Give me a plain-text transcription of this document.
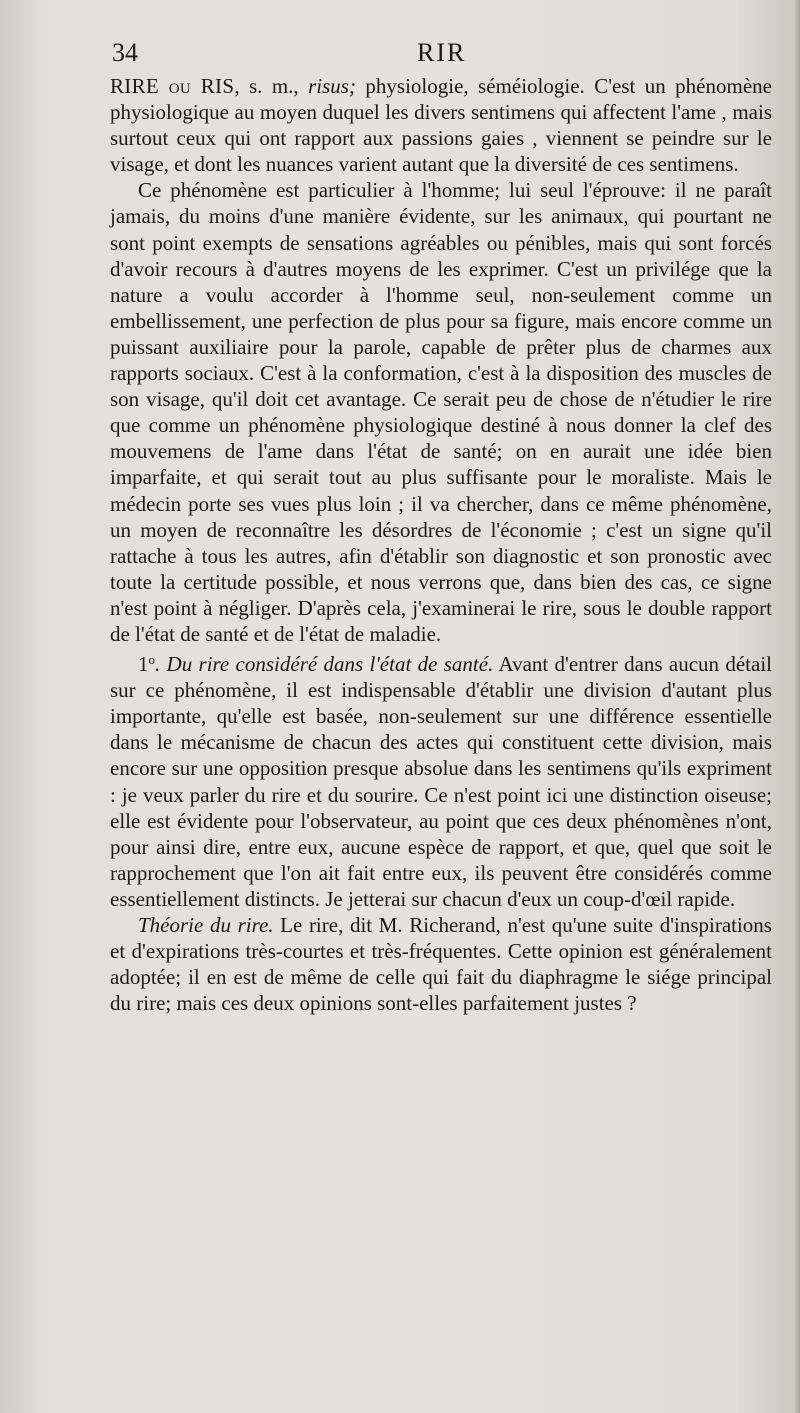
34	RIR

RIRE ou RIS, s. m., risus; physiologie, séméiologie. C'est un phénomène physiologique au moyen duquel les divers sentimens qui affectent l'ame , mais surtout ceux qui ont rapport aux passions gaies , viennent se peindre sur le visage, et dont les nuances varient autant que la diversité de ces sentimens.

Ce phénomène est particulier à l'homme; lui seul l'éprouve: il ne paraît jamais, du moins d'une manière évidente, sur les animaux, qui pourtant ne sont point exempts de sensations agréables ou pénibles, mais qui sont forcés d'avoir recours à d'autres moyens de les exprimer. C'est un privilége que la nature a voulu accorder à l'homme seul, non-seulement comme un embellissement, une perfection de plus pour sa figure, mais encore comme un puissant auxiliaire pour la parole, capable de prêter plus de charmes aux rapports sociaux. C'est à la conformation, c'est à la disposition des muscles de son visage, qu'il doit cet avantage. Ce serait peu de chose de n'étudier le rire que comme un phénomène physiologique destiné à nous donner la clef des mouvemens de l'ame dans l'état de santé; on en aurait une idée bien imparfaite, et qui serait tout au plus suffisante pour le moraliste. Mais le médecin porte ses vues plus loin ; il va chercher, dans ce même phénomène, un moyen de reconnaître les désordres de l'économie ; c'est un signe qu'il rattache à tous les autres, afin d'établir son diagnostic et son pronostic avec toute la certitude possible, et nous verrons que, dans bien des cas, ce signe n'est point à négliger. D'après cela, j'examinerai le rire, sous le double rapport de l'état de santé et de l'état de maladie.

1$^o$. Du rire considéré dans l'état de santé. Avant d'entrer dans aucun détail sur ce phénomène, il est indispensable d'établir une division d'autant plus importante, qu'elle est basée, non-seulement sur une différence essentielle dans le mécanisme de chacun des actes qui constituent cette division, mais encore sur une opposition presque absolue dans les sentimens qu'ils expriment : je veux parler du rire et du sourire. Ce n'est point ici une distinction oiseuse; elle est évidente pour l'observateur, au point que ces deux phénomènes n'ont, pour ainsi dire, entre eux, aucune espèce de rapport, et que, quel que soit le rapprochement que l'on ait fait entre eux, ils peuvent être considérés comme essentiellement distincts. Je jetterai sur chacun d'eux un coup-d'œil rapide.

Théorie du rire. Le rire, dit M. Richerand, n'est qu'une suite d'inspirations et d'expirations très-courtes et très-fréquentes. Cette opinion est généralement adoptée; il en est de même de celle qui fait du diaphragme le siége principal du rire; mais ces deux opinions sont-elles parfaitement justes ?
